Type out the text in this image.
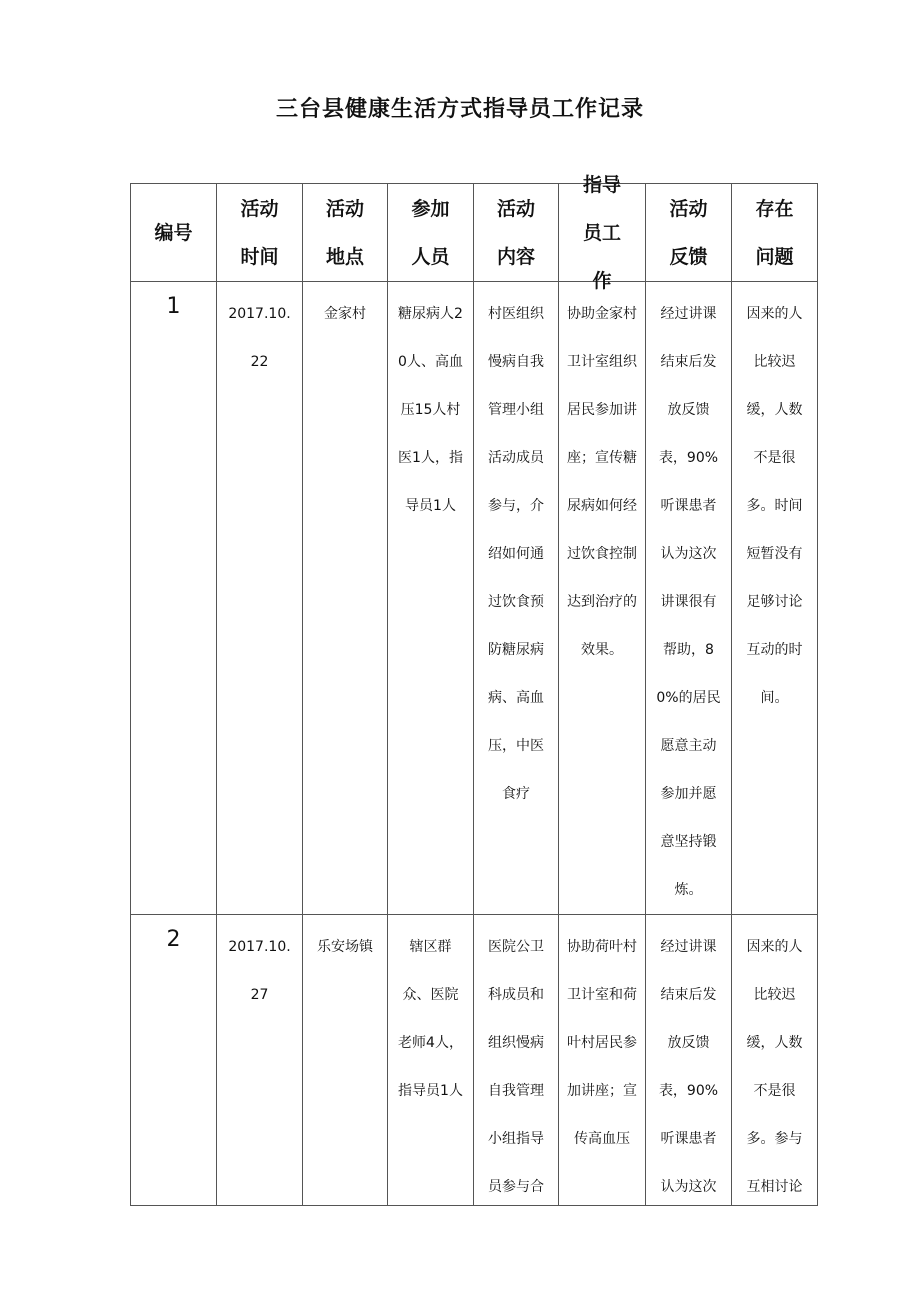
三台县健康生活方式指导员工作记录
编号	活动时间	活动地点	参加人员	活动内容	指导员工作	活动反馈	存在问题

1	2017.10.22	金家村	糖尿病人20人、高血压15人村医1人，指导员1人	村医组织慢病自我管理小组活动成员参与，介绍如何通过饮食预防糖尿病病、高血压，中医食疗	协助金家村卫计室组织居民参加讲座；宣传糖尿病如何经过饮食控制达到治疗的效果。	经过讲课结束后发放反馈表，90%听课患者认为这次讲课很有帮助，80%的居民愿意主动参加并愿意坚持锻炼。	因来的人比较迟缓，人数不是很多。时间短暂没有足够讨论互动的时间。

2	2017.10.27	乐安场镇	辖区群众、医院老师4人，指导员1人	医院公卫科成员和组织慢病自我管理小组指导员参与合	协助荷叶村卫计室和荷叶村居民参加讲座；宣传高血压	经过讲课结束后发放反馈表，90%听课患者认为这次	因来的人比较迟缓，人数不是很多。参与互相讨论
